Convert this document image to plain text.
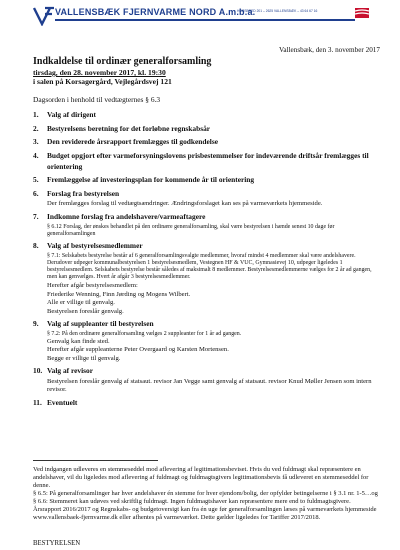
VALLENSBÆK FJERNVARME NORD A.m.b.a.
HORSBRED 201 – 2625 VALLENSBÆK – 43 64 67 16
Vallensbæk, den 3. november 2017
Indkaldelse til ordinær generalforsamling
tirsdag, den 28. november 2017, kl. 19:30
i salen på Korsagergård, Vejlegårdsvej 121
Dagsorden i henhold til vedtægternes § 6.3
1. Valg af dirigent
2. Bestyrelsens beretning for det forløbne regnskabsår
3. Den reviderede årsrapport fremlægges til godkendelse
4. Budget opgjort efter varmeforsyningslovens prisbestemmelser for indeværende driftsår fremlægges til orientering
5. Fremlæggelse af investeringsplan for kommende år til orientering
6. Forslag fra bestyrelsen
Der fremlægges forslag til vedtægtsændringer. Ændringsforslaget kan ses på varmeværkets hjemmeside.
7. Indkomne forslag fra andelshavere/varmeaftagere
§ 6.12 Forslag, der ønskes behandlet på den ordinære generalforsamling, skal være bestyrelsen i hænde senest 10 dage før generalforsamlingen
8. Valg af bestyrelsesmedlemmer
§ 7.1: Selskabets bestyrelse består af 6 generalforsamlingsvalgte medlemmer, hvoraf mindst 4 medlemmer skal være andelshavere. Derudover udpeger kommunalbestyrelsen 1 bestyrelsesmedlem, Vestegnen HF & VUC, Gymnasievej 10, udpeger ligeledes 1 bestyrelsesmedlem. Selskabets bestyrelse består således af maksimalt 8 medlemmer. Bestyrelsesmedlemmerne vælges for 2 år ad gangen, men kan genvælges. Hvert år afgår 3 bestyrelsesmedlemmer.
Herefter afgår bestyrelsesmedlem:
Friederike Wenning, Finn Jørding og Mogens Wilbert.
Alle er villige til genvalg.
Bestyrelsen foreslår genvalg.
9. Valg af suppleanter til bestyrelsen
§ 7.2: På den ordinære generalforsamling vælges 2 suppleanter for 1 år ad gangen.
Genvalg kan finde sted.
Herefter afgår suppleanterne Peter Overgaard og Karsten Mortensen.
Begge er villige til genvalg.
10. Valg af revisor
Bestyrelsen foreslår genvalg af statsaut. revisor Jan Vegge samt genvalg af statsaut. revisor Knud Møller Jensen som intern revisor.
11. Eventuelt
Ved indgangen udleveres en stemmeseddel mod aflevering af legitimationsbeviset. Hvis du ved fuldmagt skal repræsentere en andelshaver, vil du ligeledes mod aflevering af fuldmagt og fuldmagtsgivers legitimationsbevis få udleveret en stemmeseddel for denne.
§ 6.5: På generalforsamlinger har hver andelshaver én stemme for hver ejendom/bolig, der opfylder betingelserne i § 3.1 nr. 1-5…og § 6.6: Stemmeret kan udøves ved skriftlig fuldmagt. Ingen fuldmagtshaver kan repræsentere mere end to fuldmagtsgivere.
Årsrapport 2016/2017 og Regnskabs- og budgetoversigt kan fra én uge før generalforsamlingen læses på varmeværkets hjemmeside www.vallensbaek-fjernvarme.dk eller afhentes på varmeværket. Dette gælder ligeledes for Tariffer 2017/2018.
BESTYRELSEN
